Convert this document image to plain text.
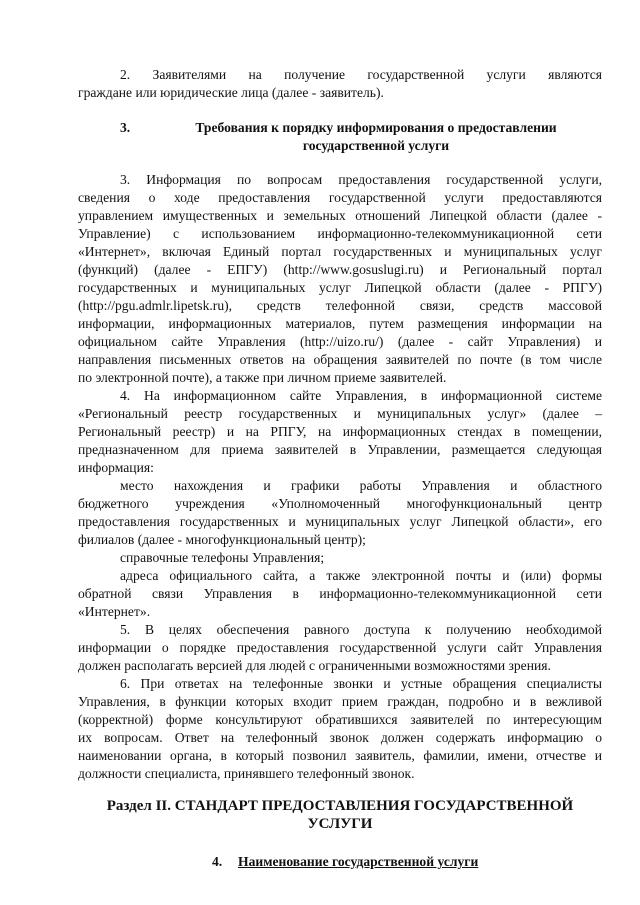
2. Заявителями на получение государственной услуги являются
граждане или юридические лица (далее - заявитель).
3.	Требования к порядку информирования о предоставлении
государственной услуги
3. Информация по вопросам предоставления государственной услуги,
сведения о ходе предоставления государственной услуги предоставляются
управлением имущественных и земельных отношений Липецкой области (далее -
Управление) с использованием информационно-телекоммуникационной сети
«Интернет», включая Единый портал государственных и муниципальных услуг
(функций) (далее - ЕПГУ) (http://www.gosuslugi.ru) и Региональный портал
государственных и муниципальных услуг Липецкой области (далее - РПГУ)
(http://pgu.admlr.lipetsk.ru), средств телефонной связи, средств массовой
информации, информационных материалов, путем размещения информации на
официальном сайте Управления (http://uizo.ru/) (далее - сайт Управления) и
направления письменных ответов на обращения заявителей по почте (в том числе
по электронной почте), а также при личном приеме заявителей.
4. На информационном сайте Управления, в информационной системе
«Региональный реестр государственных и муниципальных услуг» (далее –
Региональный реестр) и на РПГУ, на информационных стендах в помещении,
предназначенном для приема заявителей в Управлении, размещается следующая
информация:
место нахождения и графики работы Управления и областного
бюджетного учреждения «Уполномоченный многофункциональный центр
предоставления государственных и муниципальных услуг Липецкой области», его
филиалов (далее - многофункциональный центр);
справочные телефоны Управления;
адреса официального сайта, а также электронной почты и (или) формы
обратной связи Управления в информационно-телекоммуникационной сети
«Интернет».
5. В целях обеспечения равного доступа к получению необходимой
информации о порядке предоставления государственной услуги сайт Управления
должен располагать версией для людей с ограниченными возможностями зрения.
6. При ответах на телефонные звонки и устные обращения специалисты
Управления, в функции которых входит прием граждан, подробно и в вежливой
(корректной) форме консультируют обратившихся заявителей по интересующим
их вопросам. Ответ на телефонный звонок должен содержать информацию о
наименовании органа, в который позвонил заявитель, фамилии, имени, отчестве и
должности специалиста, принявшего телефонный звонок.
Раздел II. СТАНДАРТ ПРЕДОСТАВЛЕНИЯ ГОСУДАРСТВЕННОЙ
УСЛУГИ
4.	Наименование государственной услуги
